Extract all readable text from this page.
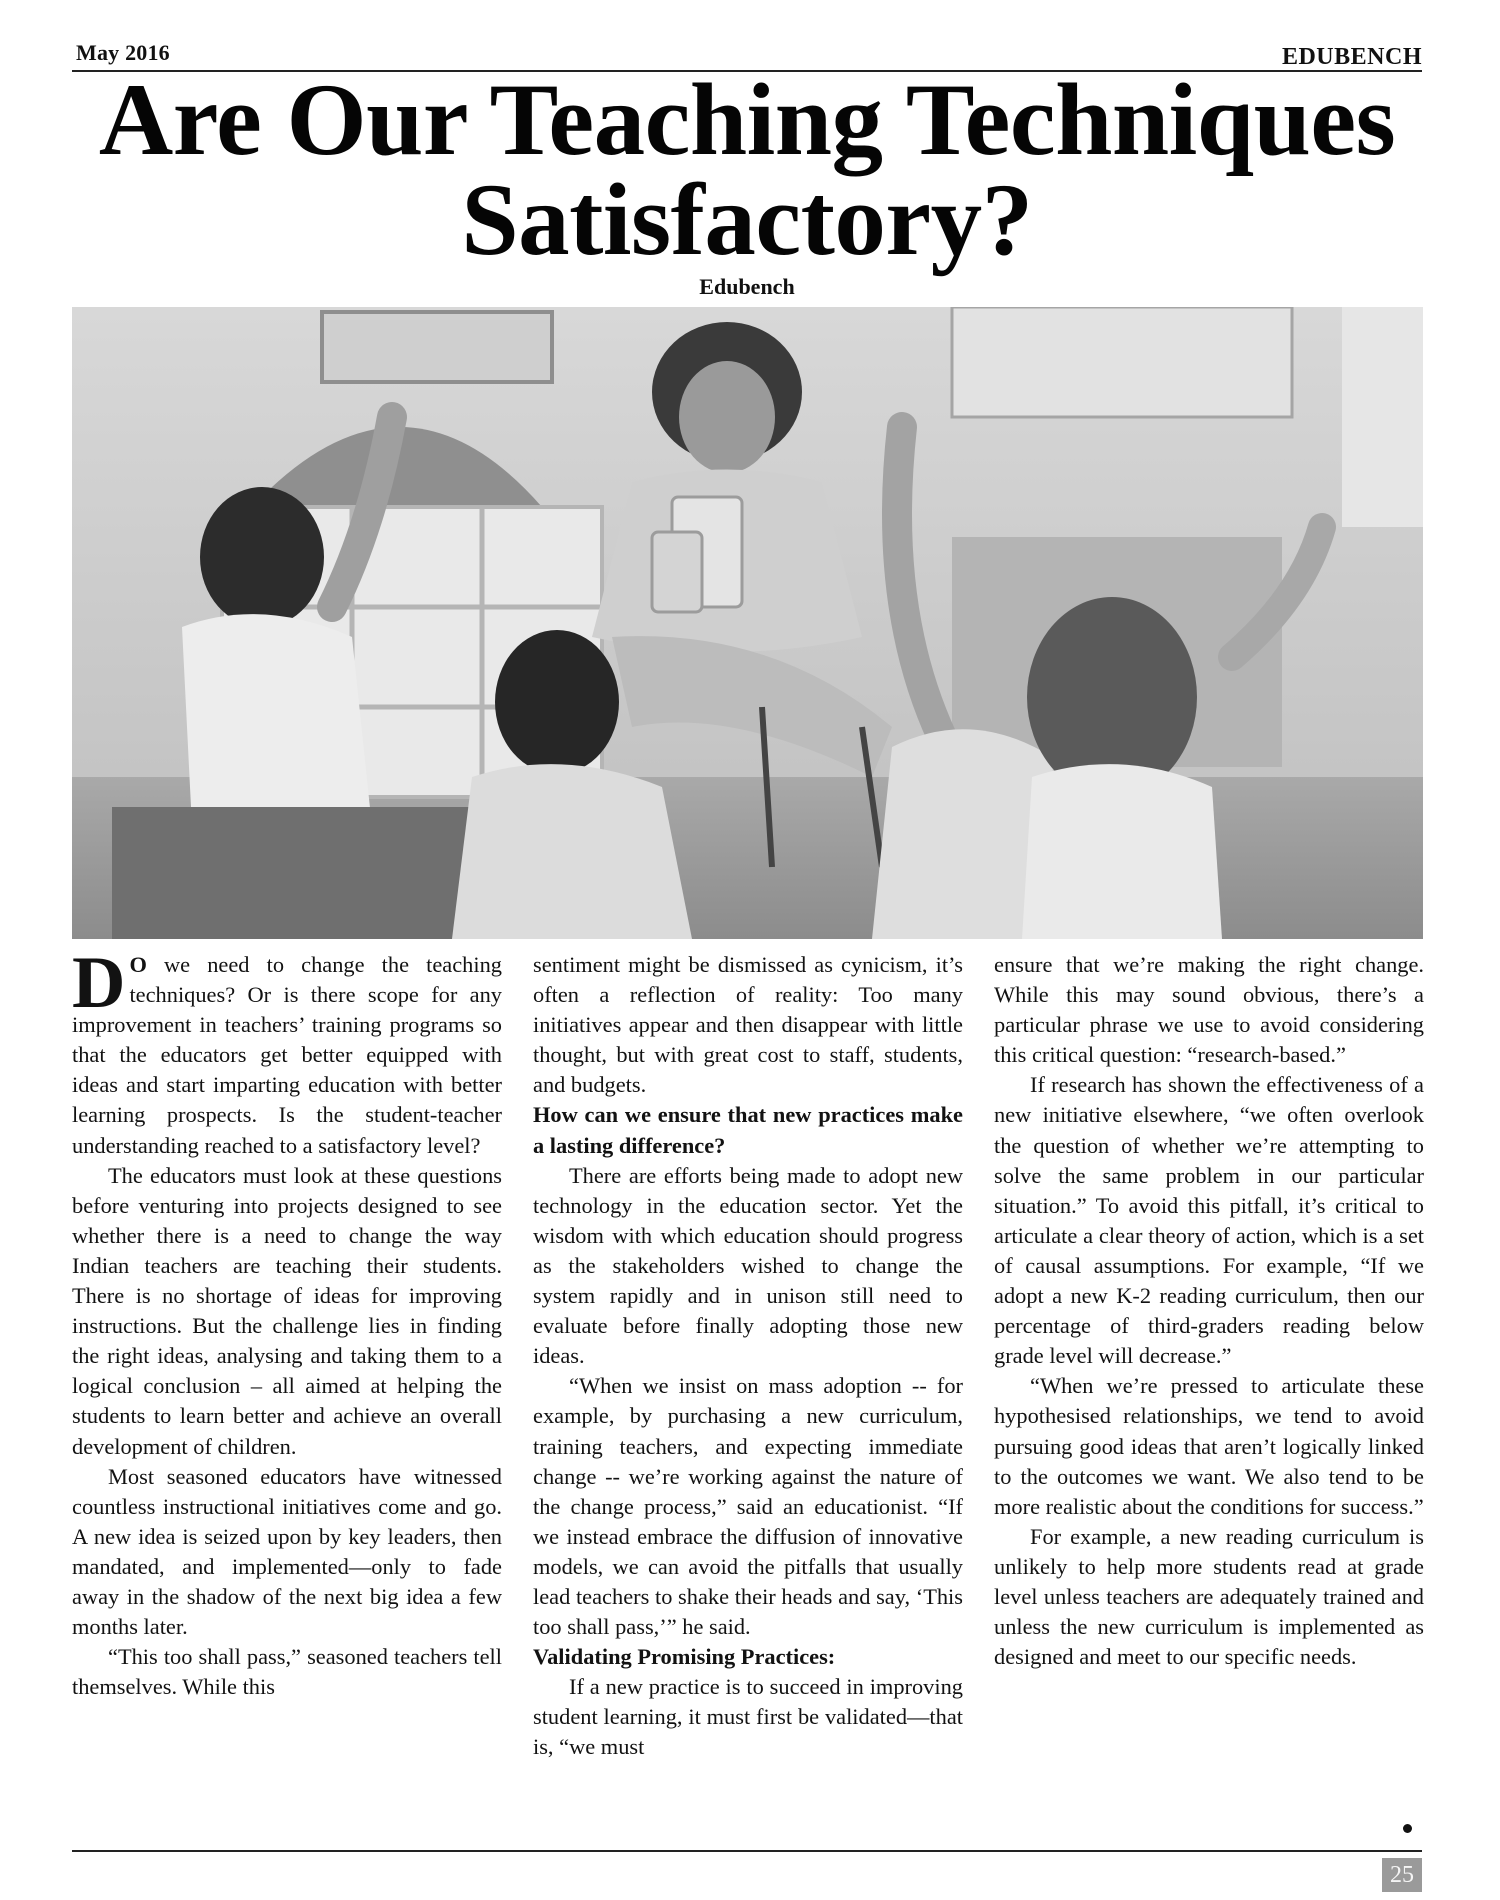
May 2016	EDUBENCH
Are Our Teaching Techniques Satisfactory?
Edubench

D O we need to change the teaching techniques? Or is there scope for any improvement in teachers’ training programs so that the educators get better equipped with ideas and start imparting education with better learning prospects. Is the student-teacher understanding reached to a satisfactory level?

The educators must look at these questions before venturing into projects designed to see whether there is a need to change the way Indian teachers are teaching their students. There is no shortage of ideas for improving instructions. But the challenge lies in finding the right ideas, analysing and taking them to a logical conclusion – all aimed at helping the students to learn better and achieve an overall development of children.

Most seasoned educators have witnessed countless instructional initiatives come and go. A new idea is seized upon by key leaders, then mandated, and implemented—only to fade away in the shadow of the next big idea a few months later.

“This too shall pass,” seasoned teachers tell themselves. While this

sentiment might be dismissed as cynicism, it’s often a reflection of reality: Too many initiatives appear and then disappear with little thought, but with great cost to staff, students, and budgets.

How can we ensure that new practices make a lasting difference?

There are efforts being made to adopt new technology in the education sector. Yet the wisdom with which education should progress as the stakeholders wished to change the system rapidly and in unison still need to evaluate before finally adopting those new ideas.

“When we insist on mass adoption -- for example, by purchasing a new curriculum, training teachers, and expecting immediate change -- we’re working against the nature of the change process,” said an educationist. “If we instead embrace the diffusion of innovative models, we can avoid the pitfalls that usually lead teachers to shake their heads and say, ‘This too shall pass,’” he said.

Validating Promising Practices:

If a new practice is to succeed in improving student learning, it must first be validated—that is, “we must

ensure that we’re making the right change. While this may sound obvious, there’s a particular phrase we use to avoid considering this critical question: “research-based.”

If research has shown the effectiveness of a new initiative elsewhere, “we often overlook the question of whether we’re attempting to solve the same problem in our particular situation.” To avoid this pitfall, it’s critical to articulate a clear theory of action, which is a set of causal assumptions. For example, “If we adopt a new K-2 reading curriculum, then our percentage of third-graders reading below grade level will decrease.”

“When we’re pressed to articulate these hypothesised relationships, we tend to avoid pursuing good ideas that aren’t logically linked to the outcomes we want. We also tend to be more realistic about the conditions for success.”

For example, a new reading curriculum is unlikely to help more students read at grade level unless teachers are adequately trained and unless the new curriculum is implemented as designed and meet to our specific needs.

25
